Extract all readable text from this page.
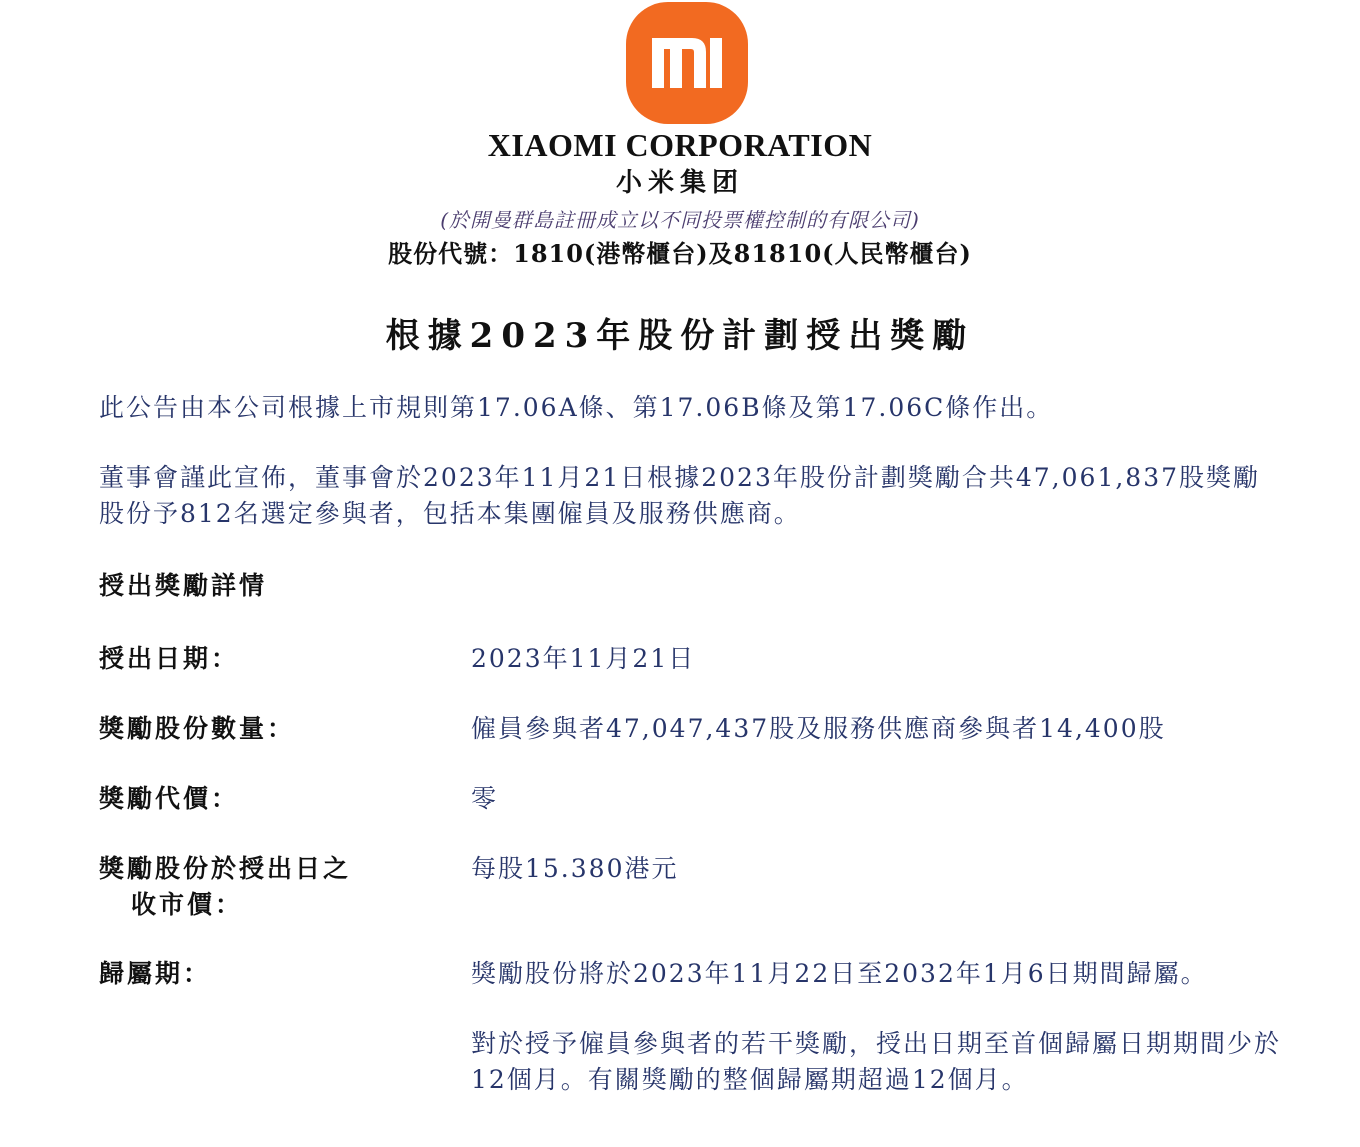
XIAOMI CORPORATION
小米集团
(於開曼群島註冊成立以不同投票權控制的有限公司)
股份代號：1810(港幣櫃台)及81810(人民幣櫃台)
根據2023年股份計劃授出獎勵
此公告由本公司根據上市規則第17.06A條、第17.06B條及第17.06C條作出。
董事會謹此宣佈，董事會於2023年11月21日根據2023年股份計劃獎勵合共47,061,837股獎勵股份予812名選定參與者，包括本集團僱員及服務供應商。
授出獎勵詳情
授出日期：	2023年11月21日
獎勵股份數量：	僱員參與者47,047,437股及服務供應商參與者14,400股
獎勵代價：	零
獎勵股份於授出日之
收市價：
每股15.380港元
歸屬期：	獎勵股份將於2023年11月22日至2032年1月6日期間歸屬。
對於授予僱員參與者的若干獎勵，授出日期至首個歸屬日期期間少於12個月。有關獎勵的整個歸屬期超過12個月。
